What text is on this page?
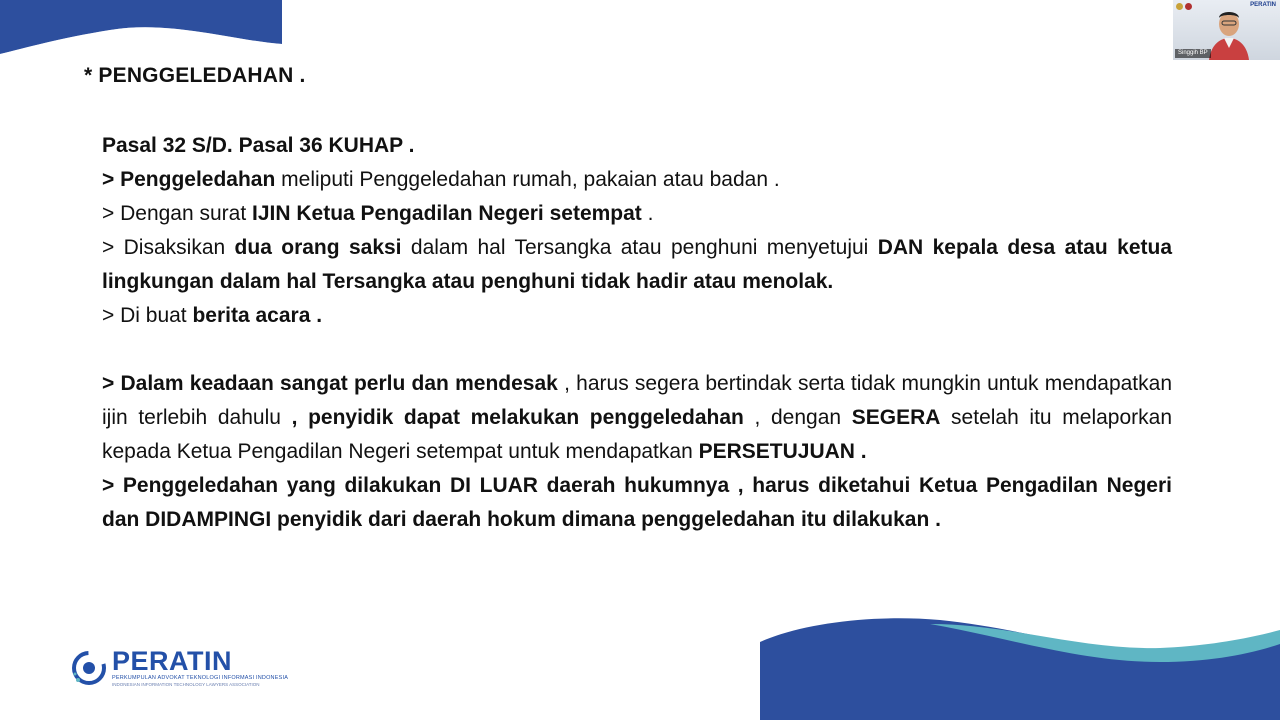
* PENGGELEDAHAN .

Pasal 32 S/D. Pasal 36 KUHAP .

> Penggeledahan meliputi Penggeledahan rumah, pakaian atau badan .

> Dengan surat IJIN Ketua Pengadilan Negeri setempat .

> Disaksikan dua orang saksi dalam hal Tersangka atau penghuni menyetujui DAN kepala desa atau ketua lingkungan dalam hal Tersangka atau penghuni tidak hadir atau menolak.

> Di buat berita acara .

> Dalam keadaan sangat perlu dan mendesak , harus segera bertindak serta tidak mungkin untuk mendapatkan ijin terlebih dahulu , penyidik dapat melakukan penggeledahan , dengan SEGERA setelah itu melaporkan kepada Ketua Pengadilan Negeri setempat untuk mendapatkan PERSETUJUAN .

> Penggeledahan yang dilakukan DI LUAR daerah hukumnya , harus diketahui Ketua Pengadilan Negeri dan DIDAMPINGI penyidik dari daerah hokum dimana penggeledahan itu dilakukan .

PERATIN
Singgih BP
PERATIN
PERKUMPULAN ADVOKAT TEKNOLOGI INFORMASI INDONESIA
INDONESIAN INFORMATION TECHNOLOGY LAWYERS ASSOCIATION
